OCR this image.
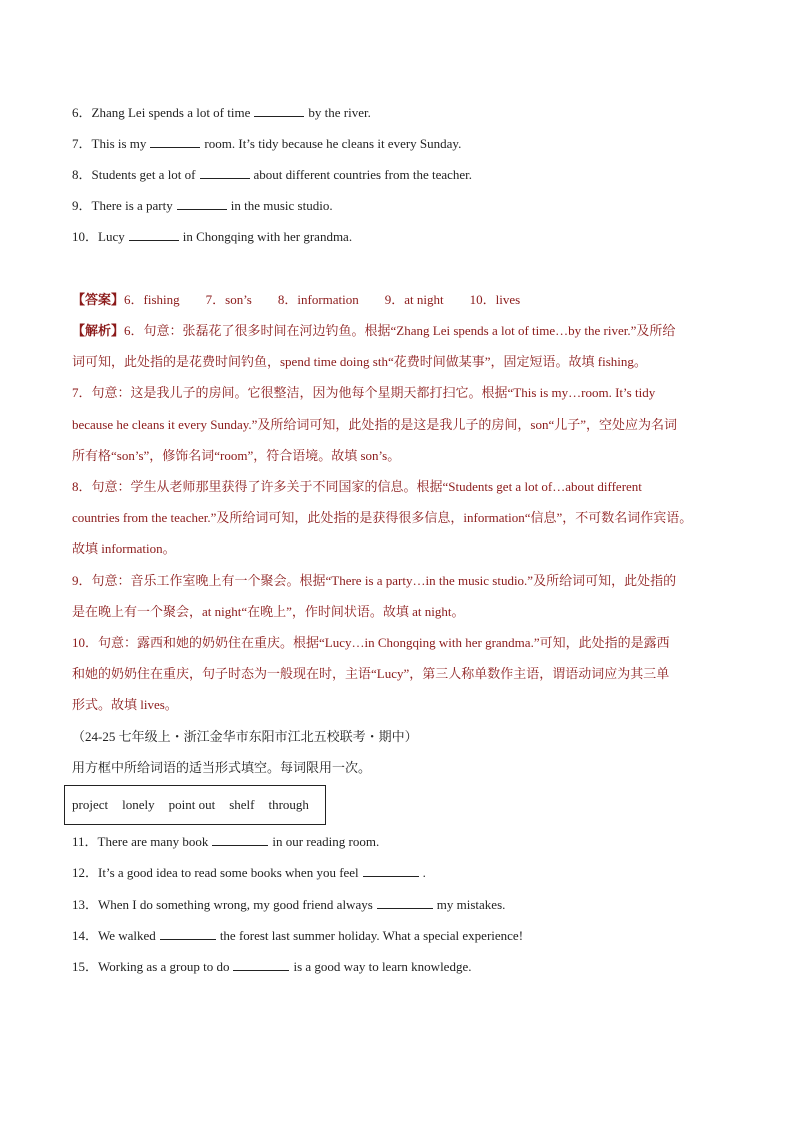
6．Zhang Lei spends a lot of time	by the river.
7．This is my	room. It’s tidy because he cleans it every Sunday.
8．Students get a lot of	about different countries from the teacher.
9．There is a party	in the music studio.
10．Lucy	in Chongqing with her grandma.
【答案】6．fishing 7．son’s 8．information 9．at night 10．lives
【解析】6．句意：张磊花了很多时间在河边钓鱼。根据“Zhang Lei spends a lot of time…by the river.”及所给
词可知，此处指的是花费时间钓鱼，spend time doing sth“花费时间做某事”，固定短语。故填 fishing。
7．句意：这是我儿子的房间。它很整洁，因为他每个星期天都打扫它。根据“This is my…room. It’s tidy
because he cleans it every Sunday.”及所给词可知，此处指的是这是我儿子的房间，son“儿子”，空处应为名词
所有格“son’s”，修饰名词“room”，符合语境。故填 son’s。
8．句意：学生从老师那里获得了许多关于不同国家的信息。根据“Students get a lot of…about different
countries from the teacher.”及所给词可知，此处指的是获得很多信息，information“信息”，不可数名词作宾语。
故填 information。
9．句意：音乐工作室晚上有一个聚会。根据“There is a party…in the music studio.”及所给词可知，此处指的
是在晚上有一个聚会，at night“在晚上”，作时间状语。故填 at night。
10．句意：露西和她的奶奶住在重庆。根据“Lucy…in Chongqing with her grandma.”可知，此处指的是露西
和她的奶奶住在重庆，句子时态为一般现在时，主语“Lucy”，第三人称单数作主语，谓语动词应为其三单
形式。故填 lives。
（24-25 七年级上・浙江金华市东阳市江北五校联考・期中）
用方框中所给词语的适当形式填空。每词限用一次。
project lonely point out shelf through
11．There are many book	in our reading room.
12．It’s a good idea to read some books when you feel	.
13．When I do something wrong, my good friend always	my mistakes.
14．We walked	the forest last summer holiday. What a special experience!
15．Working as a group to do	is a good way to learn knowledge.
